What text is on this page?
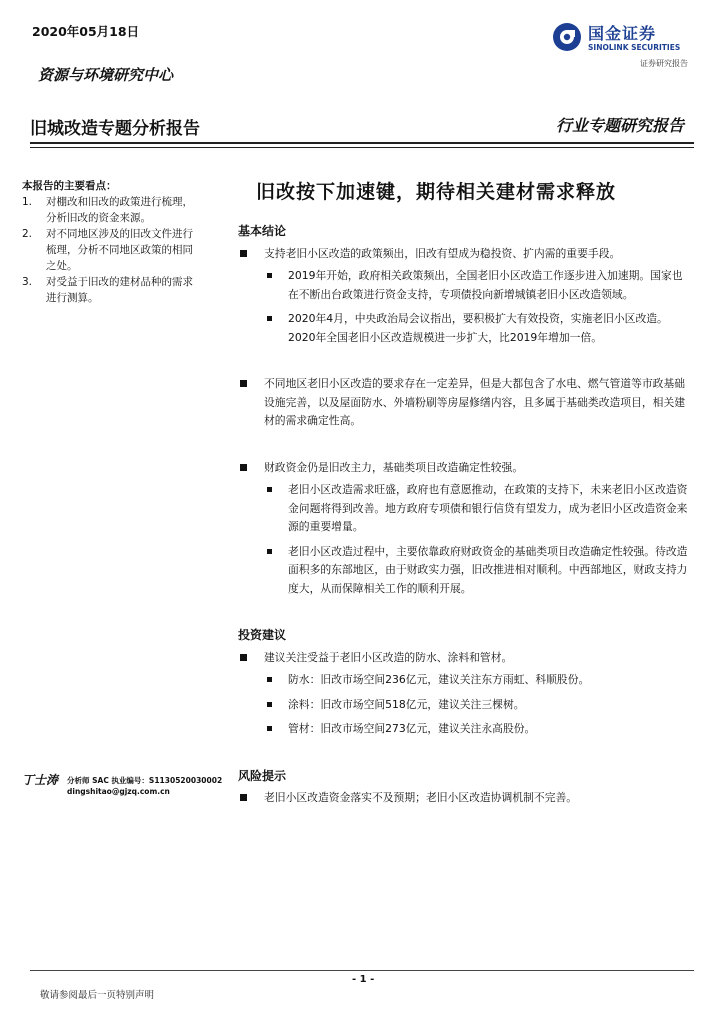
2020年05月18日
资源与环境研究中心
旧城改造专题分析报告	行业专题研究报告
国金证券
SINOLINK SECURITIES
证券研究报告
本报告的主要看点：
1. 对棚改和旧改的政策进行梳理，分析旧改的资金来源。
2. 对不同地区涉及的旧改文件进行梳理，分析不同地区政策的相同之处。
3. 对受益于旧改的建材品种的需求进行测算。
旧改按下加速键，期待相关建材需求释放
基本结论
支持老旧小区改造的政策频出，旧改有望成为稳投资、扩内需的重要手段。
2019年开始，政府相关政策频出，全国老旧小区改造工作逐步进入加速期。国家也在不断出台政策进行资金支持，专项债投向新增城镇老旧小区改造领域。
2020年4月，中央政治局会议指出，要积极扩大有效投资，实施老旧小区改造。2020年全国老旧小区改造规模进一步扩大，比2019年增加一倍。
不同地区老旧小区改造的要求存在一定差异，但是大都包含了水电、燃气管道等市政基础设施完善，以及屋面防水、外墙粉刷等房屋修缮内容，且多属于基础类改造项目，相关建材的需求确定性高。
财政资金仍是旧改主力，基础类项目改造确定性较强。
老旧小区改造需求旺盛，政府也有意愿推动，在政策的支持下，未来老旧小区改造资金问题将得到改善。地方政府专项债和银行信贷有望发力，成为老旧小区改造资金来源的重要增量。
老旧小区改造过程中，主要依靠政府财政资金的基础类项目改造确定性较强。待改造面积多的东部地区，由于财政实力强，旧改推进相对顺利。中西部地区，财政支持力度大，从而保障相关工作的顺利开展。
投资建议
建议关注受益于老旧小区改造的防水、涂料和管材。
防水：旧改市场空间236亿元，建议关注东方雨虹、科顺股份。
涂料：旧改市场空间518亿元，建议关注三棵树。
管材：旧改市场空间273亿元，建议关注永高股份。
风险提示
老旧小区改造资金落实不及预期；老旧小区改造协调机制不完善。
丁士涛	分析师 SAC 执业编号：S1130520030002
dingshitao@gjzq.com.cn
- 1 -
敬请参阅最后一页特别声明
